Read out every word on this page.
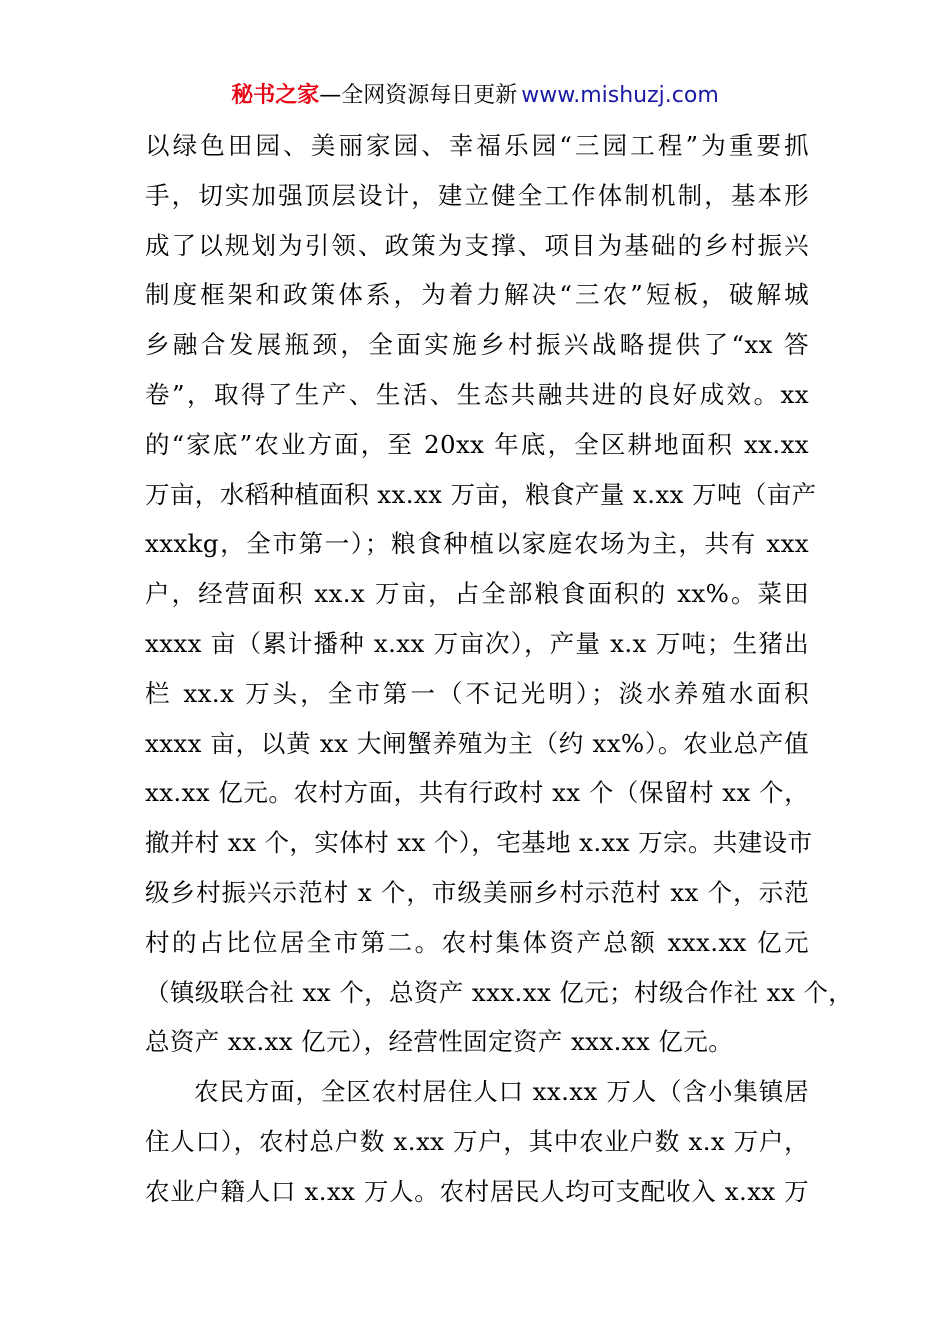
秘书之家—全网资源每日更新 www.mishuzj.com
以绿色田园、美丽家园、幸福乐园“三园工程”为重要抓
手，切实加强顶层设计，建立健全工作体制机制，基本形
成了以规划为引领、政策为支撑、项目为基础的乡村振兴
制度框架和政策体系，为着力解决“三农”短板，破解城
乡融合发展瓶颈，全面实施乡村振兴战略提供了“xx 答
卷”，取得了生产、生活、生态共融共进的良好成效。xx
的“家底”农业方面，至 20xx 年底，全区耕地面积 xx.xx
万亩，水稻种植面积 xx.xx 万亩，粮食产量 x.xx 万吨（亩产
xxxkg，全市第一）；粮食种植以家庭农场为主，共有 xxx
户，经营面积 xx.x 万亩，占全部粮食面积的 xx%。菜田
xxxx 亩（累计播种 x.xx 万亩次），产量 x.x 万吨；生猪出
栏 xx.x 万头，全市第一（不记光明）；淡水养殖水面积
xxxx 亩，以黄 xx 大闸蟹养殖为主（约 xx%）。农业总产值
xx.xx 亿元。农村方面，共有行政村 xx 个（保留村 xx 个，
撤并村 xx 个，实体村 xx 个），宅基地 x.xx 万宗。共建设市
级乡村振兴示范村 x 个，市级美丽乡村示范村 xx 个，示范
村的占比位居全市第二。农村集体资产总额 xxx.xx 亿元
（镇级联合社 xx 个，总资产 xxx.xx 亿元；村级合作社 xx 个，
总资产 xx.xx 亿元），经营性固定资产 xxx.xx 亿元。
农民方面，全区农村居住人口 xx.xx 万人（含小集镇居
住人口），农村总户数 x.xx 万户，其中农业户数 x.x 万户，
农业户籍人口 x.xx 万人。农村居民人均可支配收入 x.xx 万
